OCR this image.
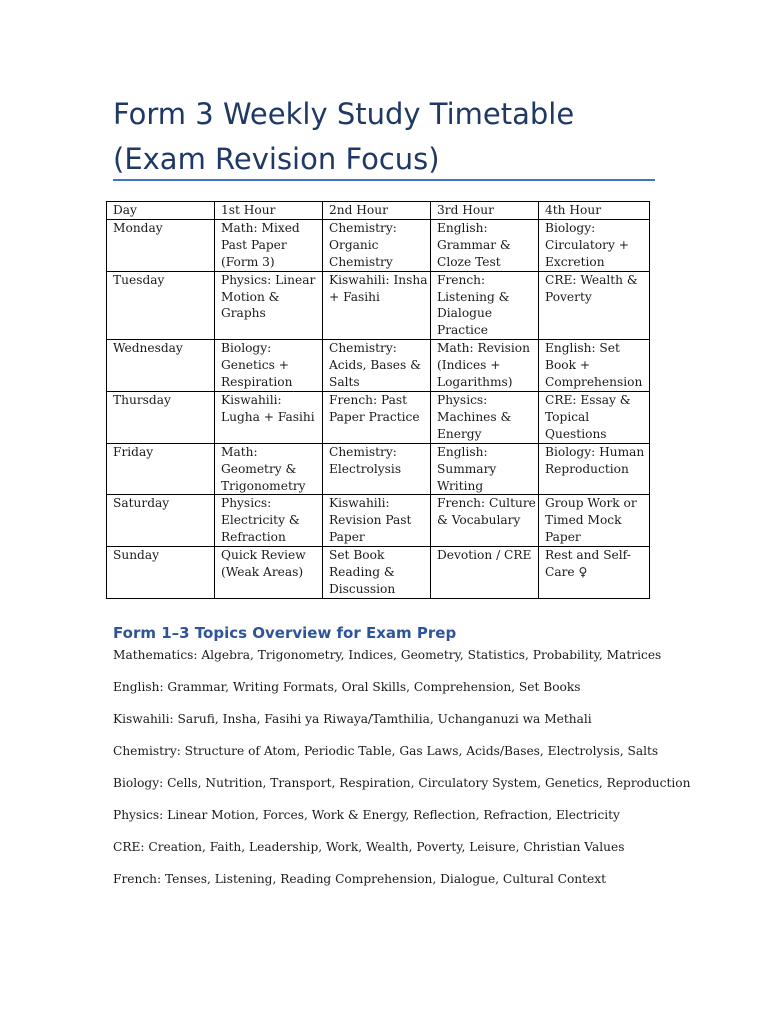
Form 3 Weekly Study Timetable (Exam Revision Focus)
Day	1st Hour	2nd Hour	3rd Hour	4th Hour
Monday	Math: Mixed Past Paper (Form 3)	Chemistry: Organic Chemistry	English: Grammar & Cloze Test	Biology: Circulatory + Excretion
Tuesday	Physics: Linear Motion & Graphs	Kiswahili: Insha + Fasihi	French: Listening & Dialogue Practice	CRE: Wealth & Poverty
Wednesday	Biology: Genetics + Respiration	Chemistry: Acids, Bases & Salts	Math: Revision (Indices + Logarithms)	English: Set Book + Comprehension
Thursday	Kiswahili: Lugha + Fasihi	French: Past Paper Practice	Physics: Machines & Energy	CRE: Essay & Topical Questions
Friday	Math: Geometry & Trigonometry	Chemistry: Electrolysis	English: Summary Writing	Biology: Human Reproduction
Saturday	Physics: Electricity & Refraction	Kiswahili: Revision Past Paper	French: Culture & Vocabulary	Group Work or Timed Mock Paper
Sunday	Quick Review (Weak Areas)	Set Book Reading & Discussion	Devotion / CRE	Rest and Self-Care ♀
Form 1–3 Topics Overview for Exam Prep
Mathematics: Algebra, Trigonometry, Indices, Geometry, Statistics, Probability, Matrices
English: Grammar, Writing Formats, Oral Skills, Comprehension, Set Books
Kiswahili: Sarufi, Insha, Fasihi ya Riwaya/Tamthilia, Uchanganuzi wa Methali
Chemistry: Structure of Atom, Periodic Table, Gas Laws, Acids/Bases, Electrolysis, Salts
Biology: Cells, Nutrition, Transport, Respiration, Circulatory System, Genetics, Reproduction
Physics: Linear Motion, Forces, Work & Energy, Reflection, Refraction, Electricity
CRE: Creation, Faith, Leadership, Work, Wealth, Poverty, Leisure, Christian Values
French: Tenses, Listening, Reading Comprehension, Dialogue, Cultural Context
